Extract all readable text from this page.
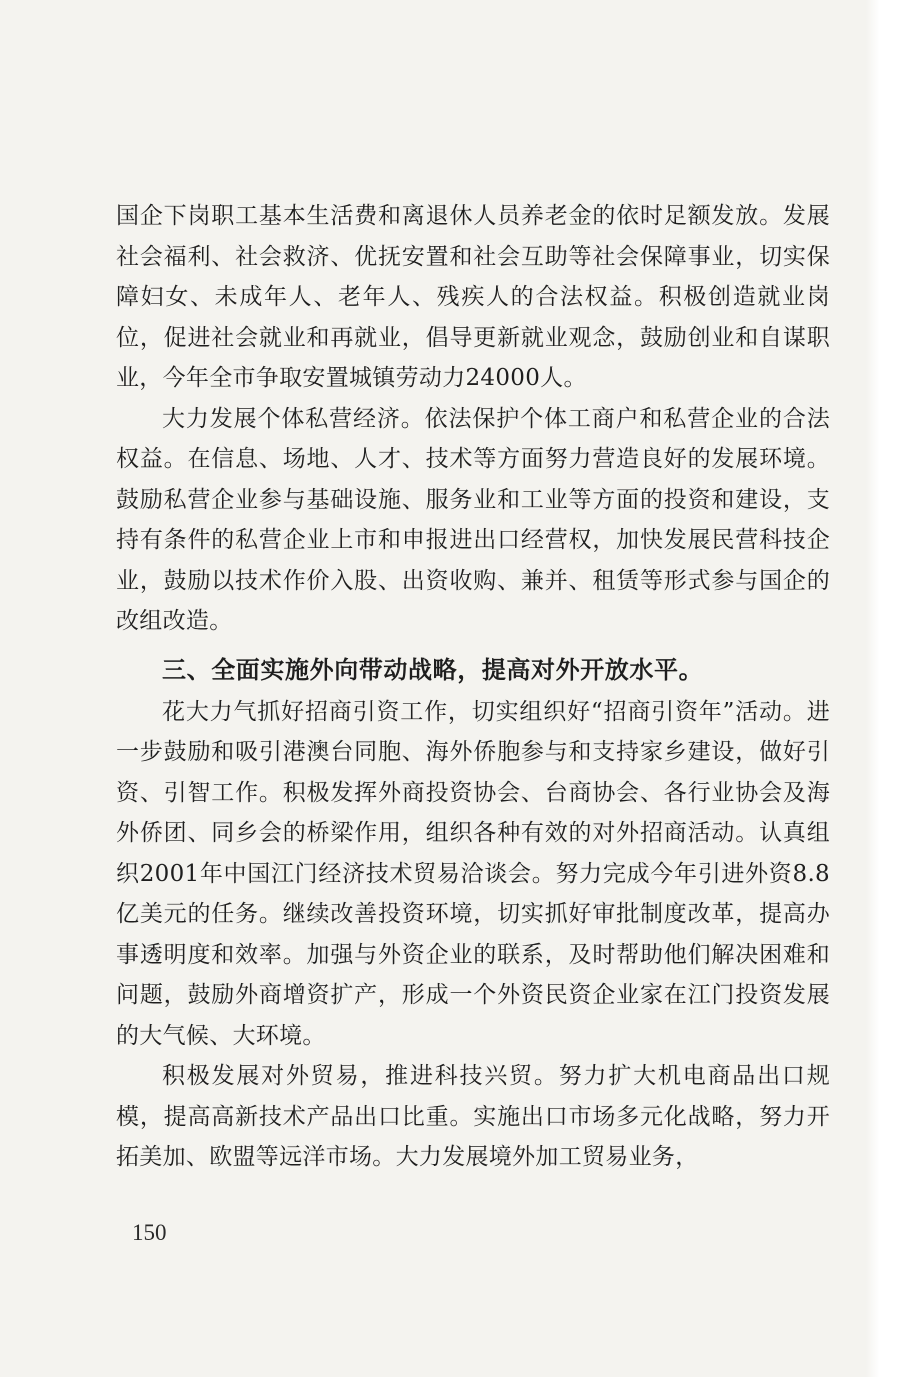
国企下岗职工基本生活费和离退休人员养老金的依时足额发放。发展社会福利、社会救济、优抚安置和社会互助等社会保障事业，切实保障妇女、未成年人、老年人、残疾人的合法权益。积极创造就业岗位，促进社会就业和再就业，倡导更新就业观念，鼓励创业和自谋职业，今年全市争取安置城镇劳动力24000人。

大力发展个体私营经济。依法保护个体工商户和私营企业的合法权益。在信息、场地、人才、技术等方面努力营造良好的发展环境。鼓励私营企业参与基础设施、服务业和工业等方面的投资和建设，支持有条件的私营企业上市和申报进出口经营权，加快发展民营科技企业，鼓励以技术作价入股、出资收购、兼并、租赁等形式参与国企的改组改造。

三、全面实施外向带动战略，提高对外开放水平。

花大力气抓好招商引资工作，切实组织好“招商引资年”活动。进一步鼓励和吸引港澳台同胞、海外侨胞参与和支持家乡建设，做好引资、引智工作。积极发挥外商投资协会、台商协会、各行业协会及海外侨团、同乡会的桥梁作用，组织各种有效的对外招商活动。认真组织2001年中国江门经济技术贸易洽谈会。努力完成今年引进外资8.8亿美元的任务。继续改善投资环境，切实抓好审批制度改革，提高办事透明度和效率。加强与外资企业的联系，及时帮助他们解决困难和问题，鼓励外商增资扩产，形成一个外资民资企业家在江门投资发展的大气候、大环境。

积极发展对外贸易，推进科技兴贸。努力扩大机电商品出口规模，提高高新技术产品出口比重。实施出口市场多元化战略，努力开拓美加、欧盟等远洋市场。大力发展境外加工贸易业务，

150
